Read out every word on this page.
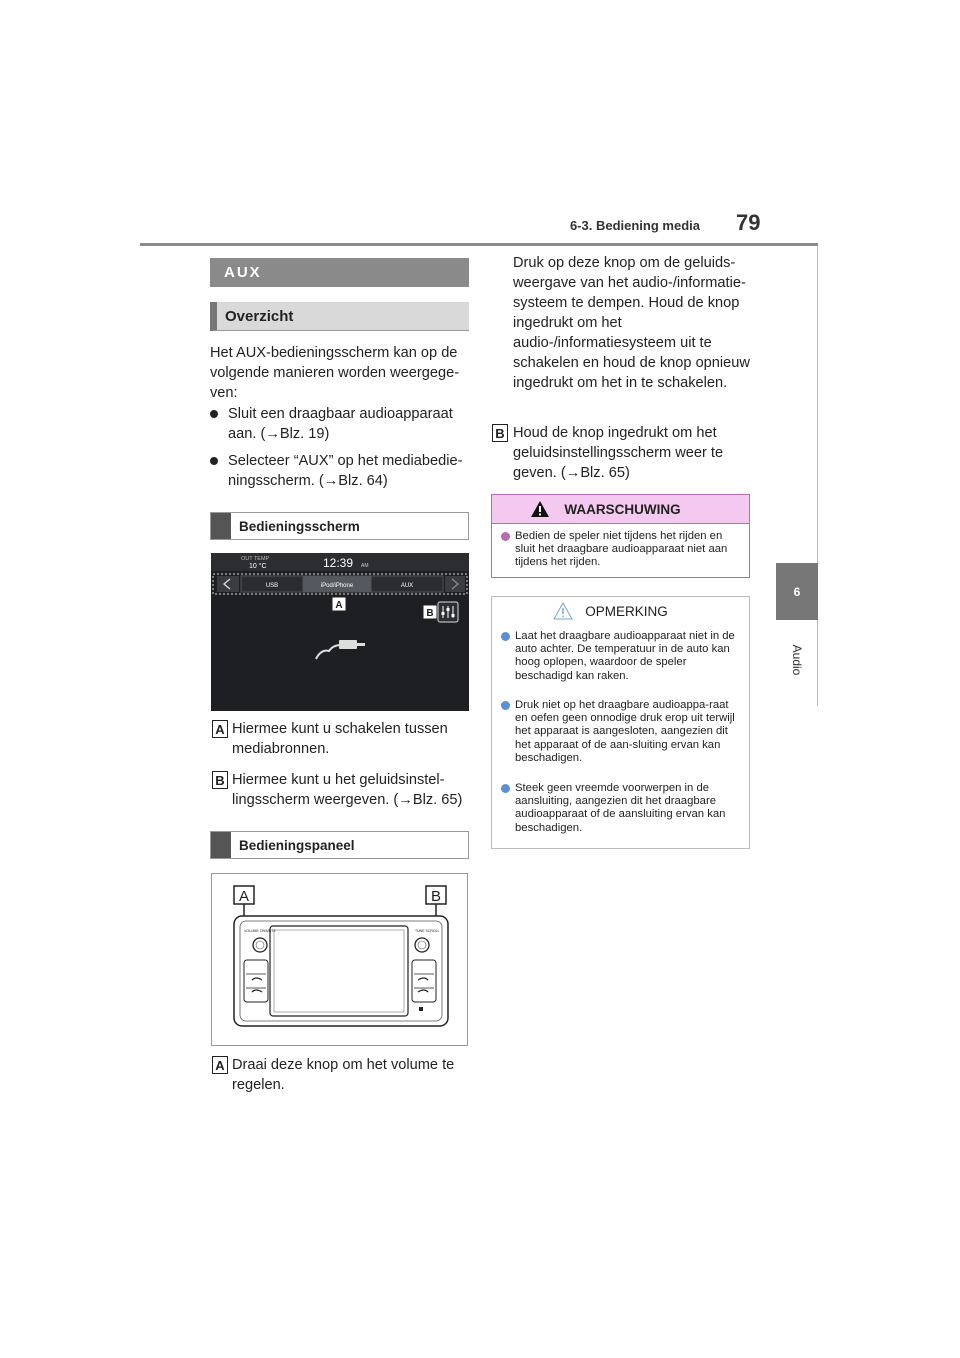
6-3. Bediening media 79
6
Audio
AUX
Overzicht
Het AUX-bedieningsscherm kan op de volgende manieren worden weergege-ven:
Sluit een draagbaar audioapparaat aan. (→Blz. 19)
Selecteer “AUX” op het mediabedie-ningsscherm. (→Blz. 64)
Bedieningsscherm
OUT TEMP
10 °C	12:39 AM
USB	iPod/iPhone	AUX
A
B
A Hiermee kunt u schakelen tussen mediabronnen.
B Hiermee kunt u het geluidsinstel-lingsscherm weergeven. (→Blz. 65)
Bedieningspaneel
A	B
VOLUME ON/MUTE	TUNE SCROLL
A Draai deze knop om het volume te regelen.
Druk op deze knop om de geluids-weergave van het audio-/informatie-systeem te dempen. Houd de knop ingedrukt om het audio-/informatiesysteem uit te schakelen en houd de knop opnieuw ingedrukt om het in te schakelen.
B Houd de knop ingedrukt om het geluidsinstellingsscherm weer te geven. (→Blz. 65)
WAARSCHUWING
Bedien de speler niet tijdens het rijden en sluit het draagbare audioapparaat niet aan tijdens het rijden.
OPMERKING
Laat het draagbare audioapparaat niet in de auto achter. De temperatuur in de auto kan hoog oplopen, waardoor de speler beschadigd kan raken.
Druk niet op het draagbare audioappa-raat en oefen geen onnodige druk erop uit terwijl het apparaat is aangesloten, aangezien dit het apparaat of de aan-sluiting ervan kan beschadigen.
Steek geen vreemde voorwerpen in de aansluiting, aangezien dit het draagbare audioapparaat of de aansluiting ervan kan beschadigen.
